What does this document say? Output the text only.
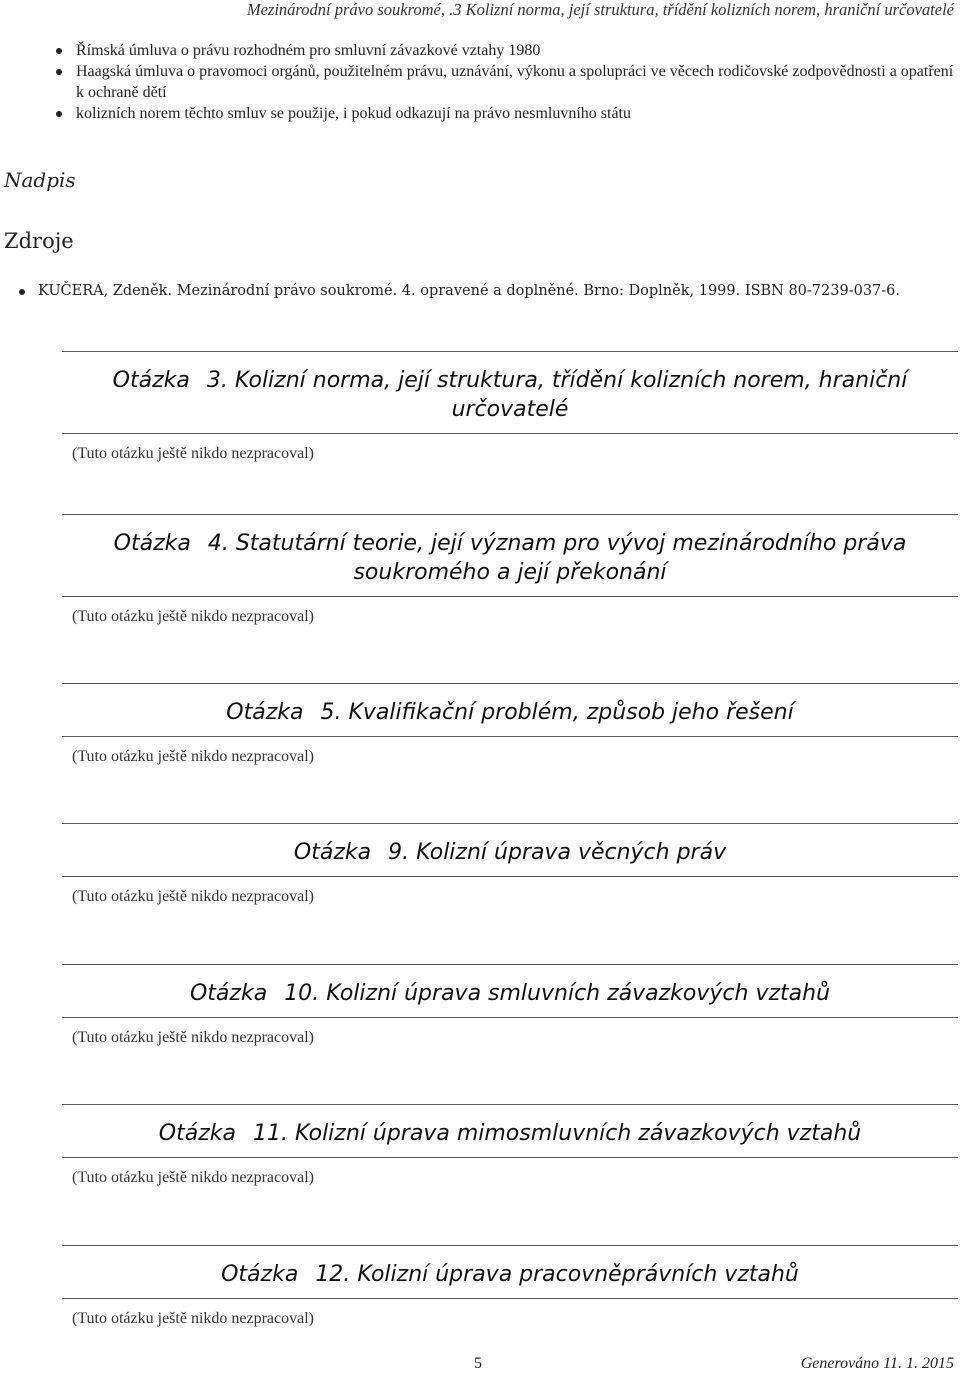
Mezinárodní právo soukromé, .3 Kolizní norma, její struktura, třídění kolizních norem, hraniční určovatelé
Římská úmluva o právu rozhodném pro smluvní závazkové vztahy 1980
Haagská úmluva o pravomoci orgánů, použitelném právu, uznávání, výkonu a spolupráci ve věcech rodičovské zodpovědnosti a opatření k ochraně dětí
kolizních norem těchto smluv se použije, i pokud odkazují na právo nesmluvního státu
Nadpis
Zdroje
KUČERA, Zdeněk. Mezinárodní právo soukromé. 4. opravené a doplněné. Brno: Doplněk, 1999. ISBN 80-7239-037-6.
Otázka 3. Kolizní norma, její struktura, třídění kolizních norem, hraniční určovatelé
(Tuto otázku ještě nikdo nezpracoval)
Otázka 4. Statutární teorie, její význam pro vývoj mezinárodního práva soukromého a její překonání
(Tuto otázku ještě nikdo nezpracoval)
Otázka 5. Kvalifikační problém, způsob jeho řešení
(Tuto otázku ještě nikdo nezpracoval)
Otázka 9. Kolizní úprava věcných práv
(Tuto otázku ještě nikdo nezpracoval)
Otázka 10. Kolizní úprava smluvních závazkových vztahů
(Tuto otázku ještě nikdo nezpracoval)
Otázka 11. Kolizní úprava mimosmluvních závazkových vztahů
(Tuto otázku ještě nikdo nezpracoval)
Otázka 12. Kolizní úprava pracovněprávních vztahů
(Tuto otázku ještě nikdo nezpracoval)
5	Generováno 11. 1. 2015
